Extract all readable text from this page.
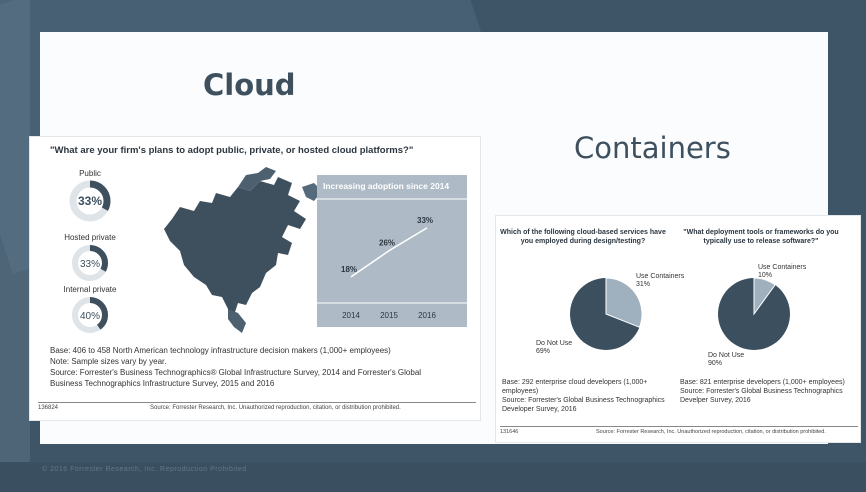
© 2016 Forrester Research, Inc. Reproduction Prohibited
Cloud
Containers
"What are your firm's plans to adopt public, private, or hosted cloud platforms?"
Public
33%
Hosted private
33%
Internal private
40%
Increasing adoption since 2014
18%
2014
26%
2015
33%
2016
Base: 406 to 458 North American technology infrastructure decision makers (1,000+ employees)
Note: Sample sizes vary by year.
Source: Forrester's Business Technographics® Global Infrastructure Survey, 2014 and Forrester's Global
Business Technographics Infrastructure Survey, 2015 and 2016
136824	Source: Forrester Research, Inc. Unauthorized reproduction, citation, or distribution prohibited.
Which of the following cloud-based services have you employed during design/testing?
"What deployment tools or frameworks do you typically use to release software?"
Use Containers
31%
Do Not Use
69%
Use Containers
10%
Do Not Use
90%
Base: 292 enterprise cloud developers (1,000+ employees)
Source: Forrester's Global Business Technographics Developer Survey, 2016
Base: 821 enterprise developers (1,000+ employees)
Source: Forrester's Global Business Technographics Develper Survey, 2016
131646	Source: Forrester Research, Inc. Unauthorized reproduction, citation, or distribution prohibited.
